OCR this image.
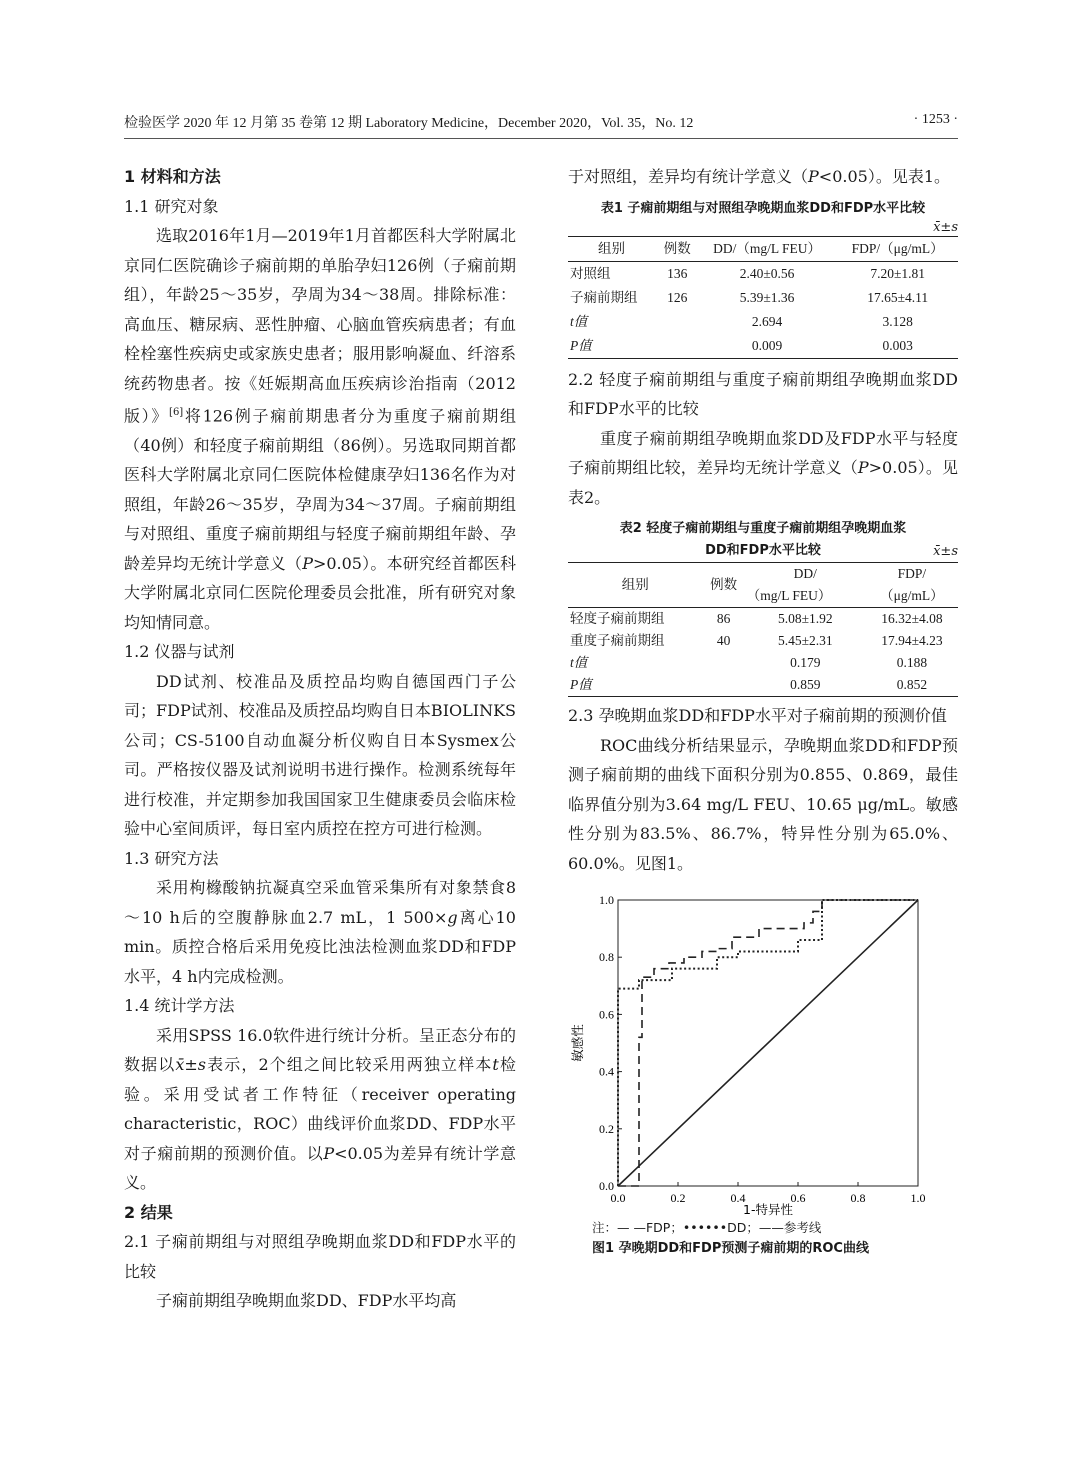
检验医学 2020 年 12 月第 35 卷第 12 期 Laboratory Medicine，December 2020，Vol. 35，No. 12	· 1253 ·

1 材料和方法

1.1 研究对象

选取2016年1月—2019年1月首都医科大学附属北京同仁医院确诊子痫前期的单胎孕妇126例（子痫前期组），年龄25～35岁，孕周为34～38周。排除标准：高血压、糖尿病、恶性肿瘤、心脑血管疾病患者；有血栓栓塞性疾病史或家族史患者；服用影响凝血、纤溶系统药物患者。按《妊娠期高血压疾病诊治指南（2012版）》[6]将126例子痫前期患者分为重度子痫前期组（40例）和轻度子痫前期组（86例）。另选取同期首都医科大学附属北京同仁医院体检健康孕妇136名作为对照组，年龄26～35岁，孕周为34～37周。子痫前期组与对照组、重度子痫前期组与轻度子痫前期组年龄、孕龄差异均无统计学意义（P>0.05）。本研究经首都医科大学附属北京同仁医院伦理委员会批准，所有研究对象均知情同意。

1.2 仪器与试剂

DD试剂、校准品及质控品均购自德国西门子公司；FDP试剂、校准品及质控品均购自日本BIOLINKS公司；CS-5100自动血凝分析仪购自日本Sysmex公司。严格按仪器及试剂说明书进行操作。检测系统每年进行校准，并定期参加我国国家卫生健康委员会临床检验中心室间质评，每日室内质控在控方可进行检测。

1.3 研究方法

采用枸橼酸钠抗凝真空采血管采集所有对象禁食8～10 h后的空腹静脉血2.7 mL，1 500×g离心10 min。质控合格后采用免疫比浊法检测血浆DD和FDP水平，4 h内完成检测。

1.4 统计学方法

采用SPSS 16.0软件进行统计分析。呈正态分布的数据以x̄±s表示，2个组之间比较采用两独立样本t检验。采用受试者工作特征（receiver operating characteristic，ROC）曲线评价血浆DD、FDP水平对子痫前期的预测价值。以P<0.05为差异有统计学意义。

2 结果

2.1 子痫前期组与对照组孕晚期血浆DD和FDP水平的比较

子痫前期组孕晚期血浆DD、FDP水平均高

于对照组，差异均有统计学意义（P<0.05）。见表1。

表1 子痫前期组与对照组孕晚期血浆DD和FDP水平比较
x̄±s
组别	例数	DD/（mg/L FEU）	FDP/（μg/mL）
对照组	136	2.40±0.56	7.20±1.81
子痫前期组	126	5.39±1.36	17.65±4.11
t值		2.694	3.128
P值		0.009	0.003

2.2 轻度子痫前期组与重度子痫前期组孕晚期血浆DD和FDP水平的比较

重度子痫前期组孕晚期血浆DD及FDP水平与轻度子痫前期组比较，差异均无统计学意义（P>0.05）。见表2。

表2 轻度子痫前期组与重度子痫前期组孕晚期血浆
DD和FDP水平比较	x̄±s
组别	例数	DD/	FDP/
		（mg/L FEU）	（μg/mL）
轻度子痫前期组	86	5.08±1.92	16.32±4.08
重度子痫前期组	40	5.45±2.31	17.94±4.23
t值		0.179	0.188
P值		0.859	0.852

2.3 孕晚期血浆DD和FDP水平对子痫前期的预测价值

ROC曲线分析结果显示，孕晚期血浆DD和FDP预测子痫前期的曲线下面积分别为0.855、0.869，最佳临界值分别为3.64 mg/L FEU、10.65 μg/mL。敏感性分别为83.5%、86.7%，特异性分别为65.0%、60.0%。见图1。

0.0	0.2	0.4	0.6	0.8	1.0
0.0
0.2
0.4
0.6
0.8
1.0
1-特异性
敏感性
注：— —FDP；••••••DD；——参考线
图1 孕晚期DD和FDP预测子痫前期的ROC曲线
